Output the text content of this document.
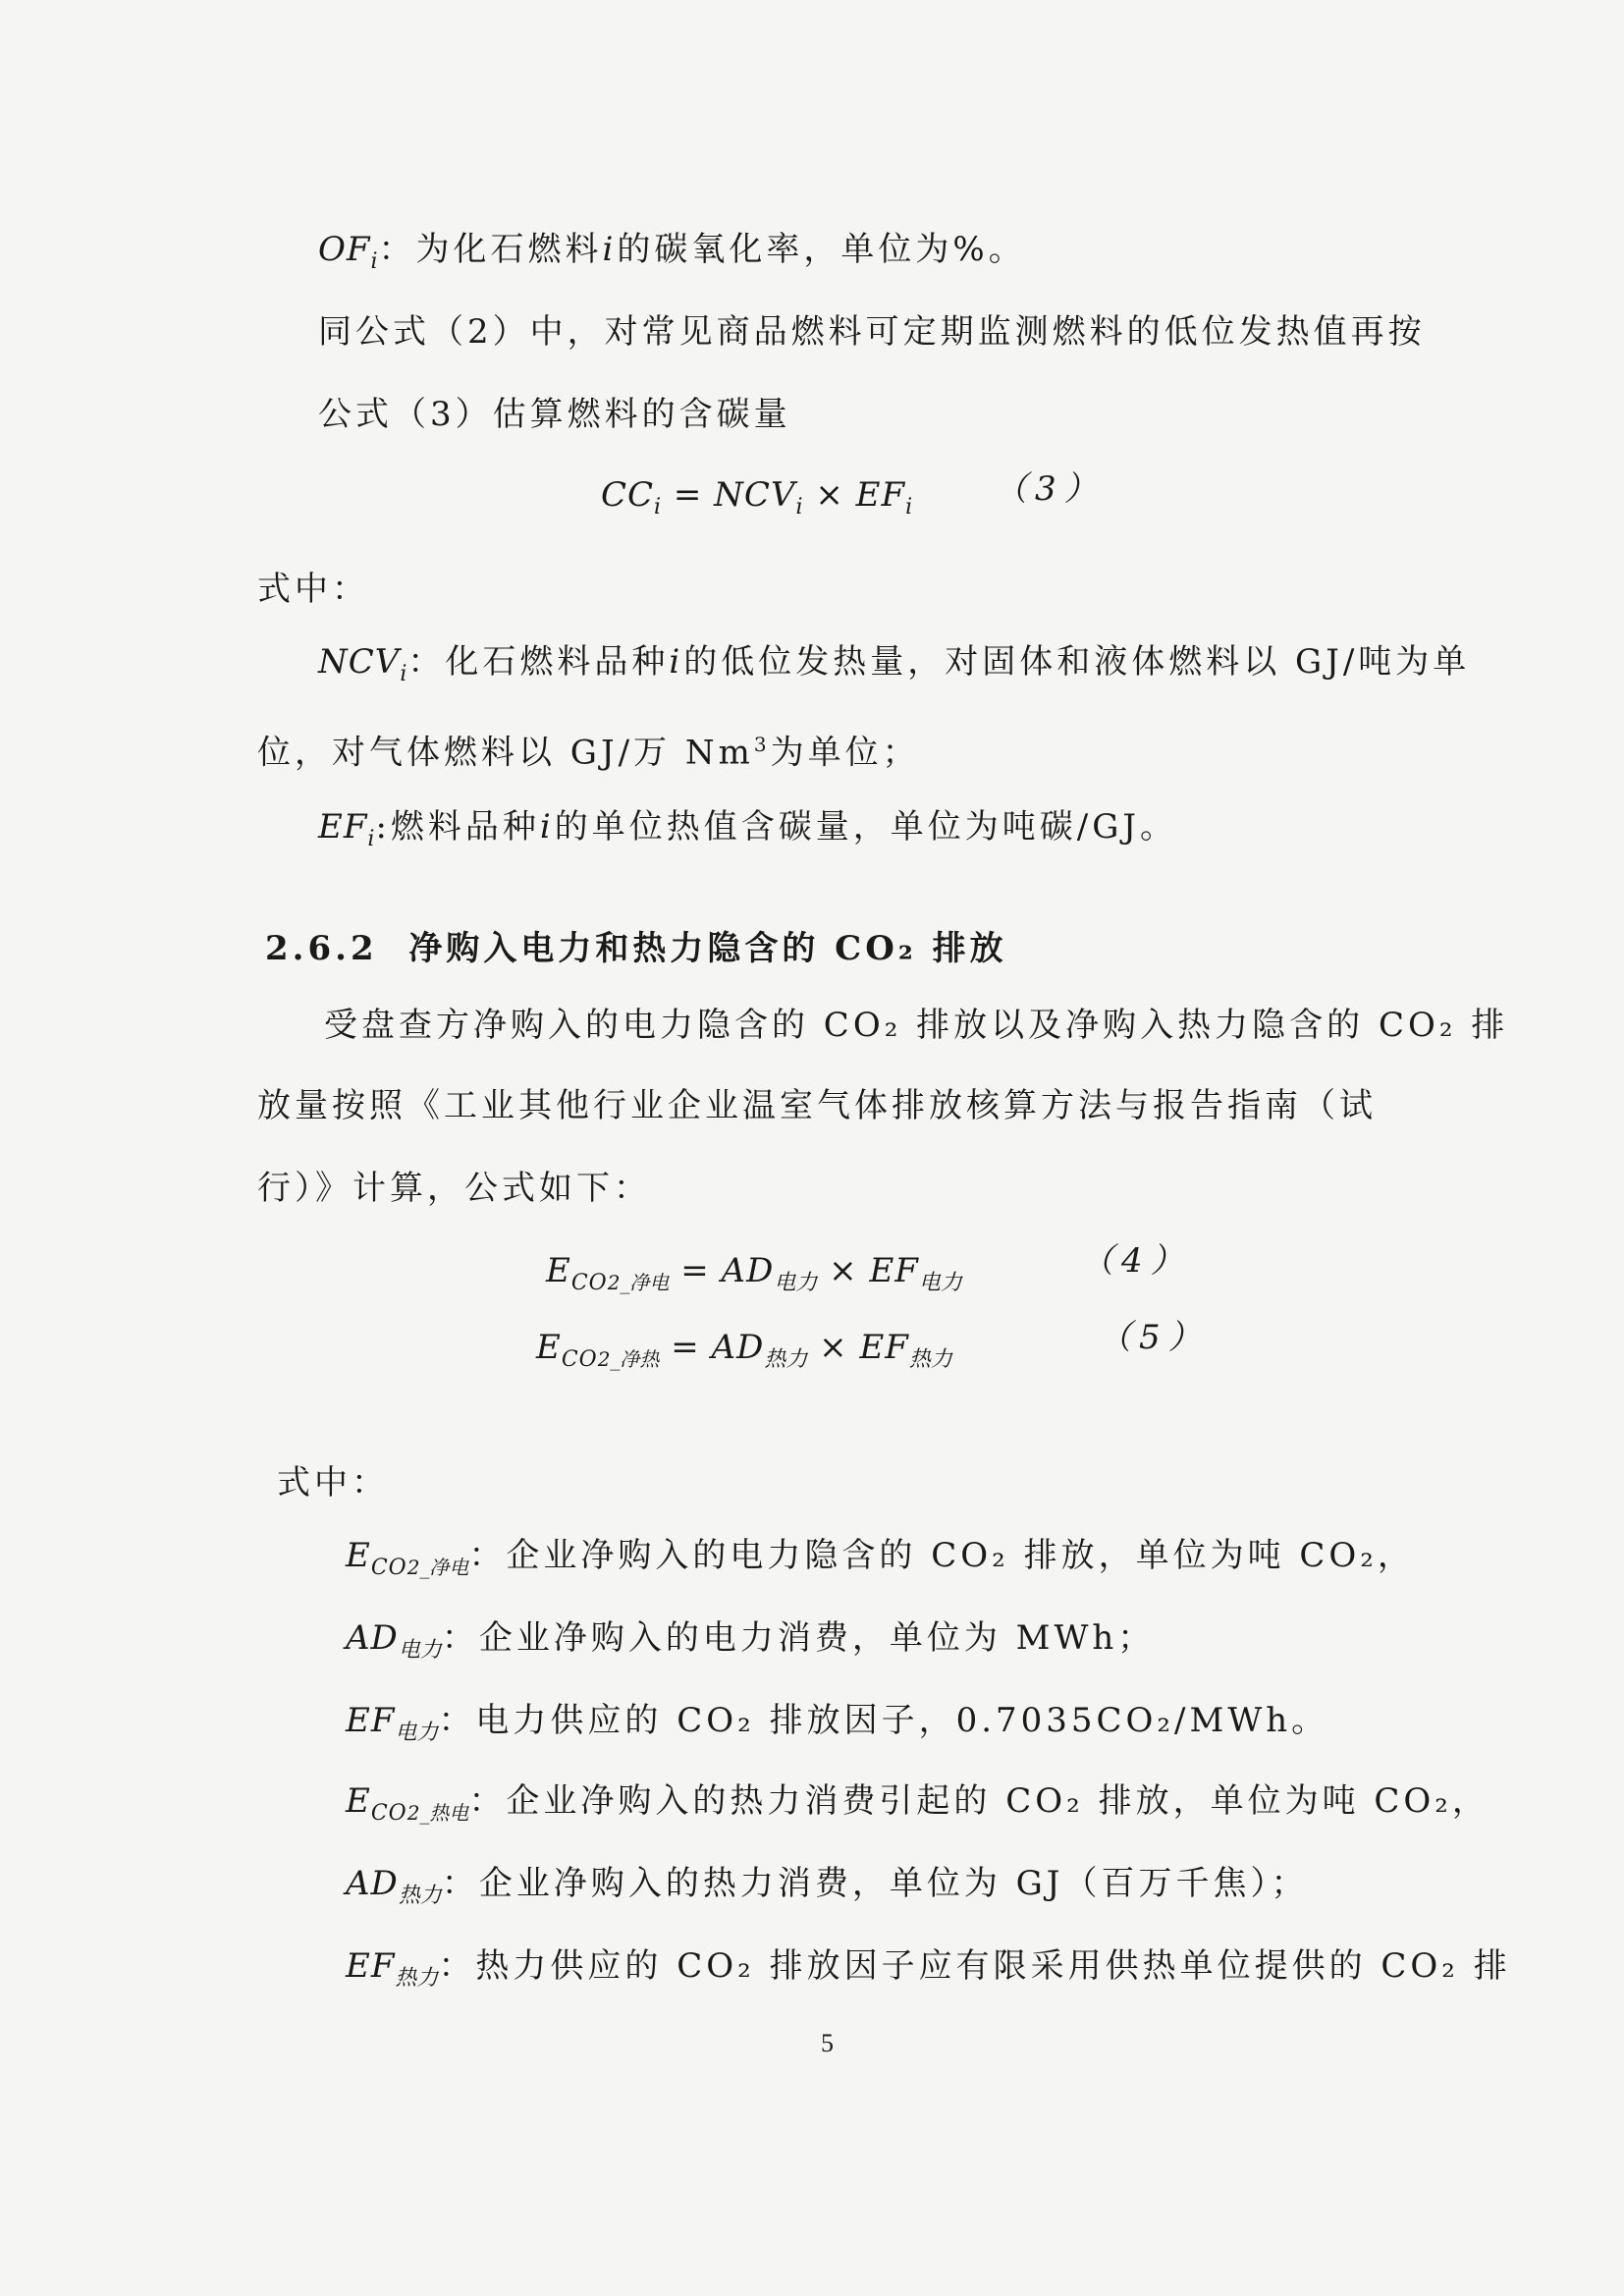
$OF_i$：为化石燃料𝑖的碳氧化率，单位为%。
同公式（2）中，对常见商品燃料可定期监测燃料的低位发热值再按
公式（3）估算燃料的含碳量
$CC_i = NCV_i \times EF_i$ （3）
式中：
$NCV_i$：化石燃料品种𝑖的低位发热量，对固体和液体燃料以 GJ/吨为单
位，对气体燃料以 GJ/万 Nm$^3$为单位；
$EF_i$:燃料品种𝑖的单位热值含碳量，单位为吨碳/GJ。
2.6.2 净购入电力和热力隐含的 CO₂ 排放
受盘查方净购入的电力隐含的 CO₂ 排放以及净购入热力隐含的 CO₂ 排
放量按照《工业其他行业企业温室气体排放核算方法与报告指南（试
行）》计算，公式如下：
$E_{CO2\_净电} = AD_{电力} \times EF_{电力}$
（4）
$E_{CO2\_净热} = AD_{热力} \times EF_{热力}$
（5）
式中：
$E_{CO2\_净电}$：企业净购入的电力隐含的 CO₂ 排放，单位为吨 CO₂，
$AD_{电力}$：企业净购入的电力消费，单位为 MWh；
$EF_{电力}$：电力供应的 CO₂ 排放因子，0.7035CO₂/MWh。
$E_{CO2\_热电}$：企业净购入的热力消费引起的 CO₂ 排放，单位为吨 CO₂，
$AD_{热力}$：企业净购入的热力消费，单位为 GJ（百万千焦）；
$EF_{热力}$：热力供应的 CO₂ 排放因子应有限采用供热单位提供的 CO₂ 排
5
